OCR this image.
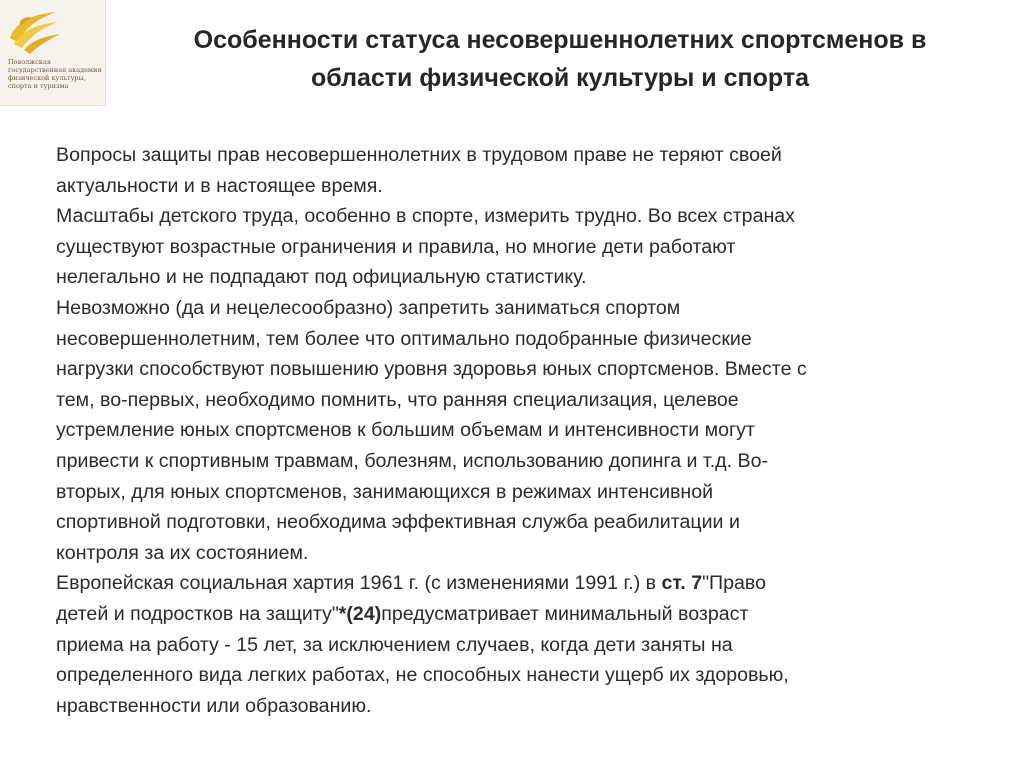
Поволжская
государственная академия
физической культуры,
спорта и туризма
Особенности статуса несовершеннолетних спортсменов в
области физической культуры и спорта

Вопросы защиты прав несовершеннолетних в трудовом праве не теряют своей
актуальности и в настоящее время.

Масштабы детского труда, особенно в спорте, измерить трудно. Во всех странах
существуют возрастные ограничения и правила, но многие дети работают
нелегально и не подпадают под официальную статистику.

Невозможно (да и нецелесообразно) запретить заниматься спортом
несовершеннолетним, тем более что оптимально подобранные физические
нагрузки способствуют повышению уровня здоровья юных спортсменов. Вместе с
тем, во-первых, необходимо помнить, что ранняя специализация, целевое
устремление юных спортсменов к большим объемам и интенсивности могут
привести к спортивным травмам, болезням, использованию допинга и т.д. Во-
вторых, для юных спортсменов, занимающихся в режимах интенсивной
спортивной подготовки, необходима эффективная служба реабилитации и
контроля за их состоянием.

Европейская социальная хартия 1961 г. (с изменениями 1991 г.) в ст. 7"Право
детей и подростков на защиту"*(24)предусматривает минимальный возраст
приема на работу - 15 лет, за исключением случаев, когда дети заняты на
определенного вида легких работах, не способных нанести ущерб их здоровью,
нравственности или образованию.
